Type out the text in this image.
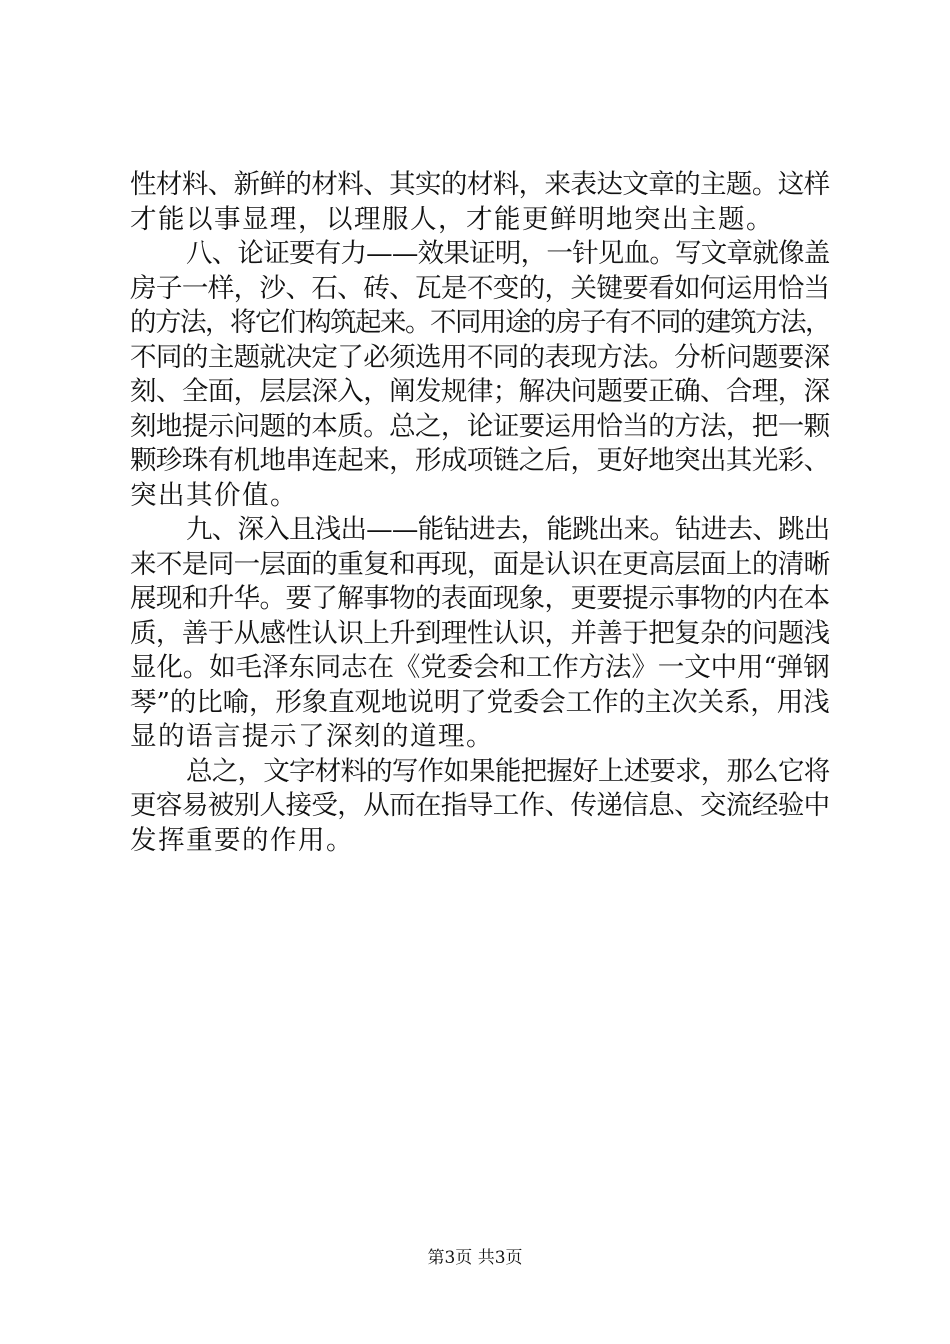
性材料、新鲜的材料、其实的材料，来表达文章的主题。这样
才能以事显理，以理服人，才能更鲜明地突出主题。
八、论证要有力——效果证明，一针见血。写文章就像盖
房子一样，沙、石、砖、瓦是不变的，关键要看如何运用恰当
的方法，将它们构筑起来。不同用途的房子有不同的建筑方法，
不同的主题就决定了必须选用不同的表现方法。分析问题要深
刻、全面，层层深入，阐发规律；解决问题要正确、合理，深
刻地提示问题的本质。总之，论证要运用恰当的方法，把一颗
颗珍珠有机地串连起来，形成项链之后，更好地突出其光彩、
突出其价值。
九、深入且浅出——能钻进去，能跳出来。钻进去、跳出
来不是同一层面的重复和再现，面是认识在更高层面上的清晰
展现和升华。要了解事物的表面现象，更要提示事物的内在本
质，善于从感性认识上升到理性认识，并善于把复杂的问题浅
显化。如毛泽东同志在《党委会和工作方法》一文中用“弹钢
琴”的比喻，形象直观地说明了党委会工作的主次关系，用浅
显的语言提示了深刻的道理。
总之，文字材料的写作如果能把握好上述要求，那么它将
更容易被别人接受，从而在指导工作、传递信息、交流经验中
发挥重要的作用。
第3页 共3页
